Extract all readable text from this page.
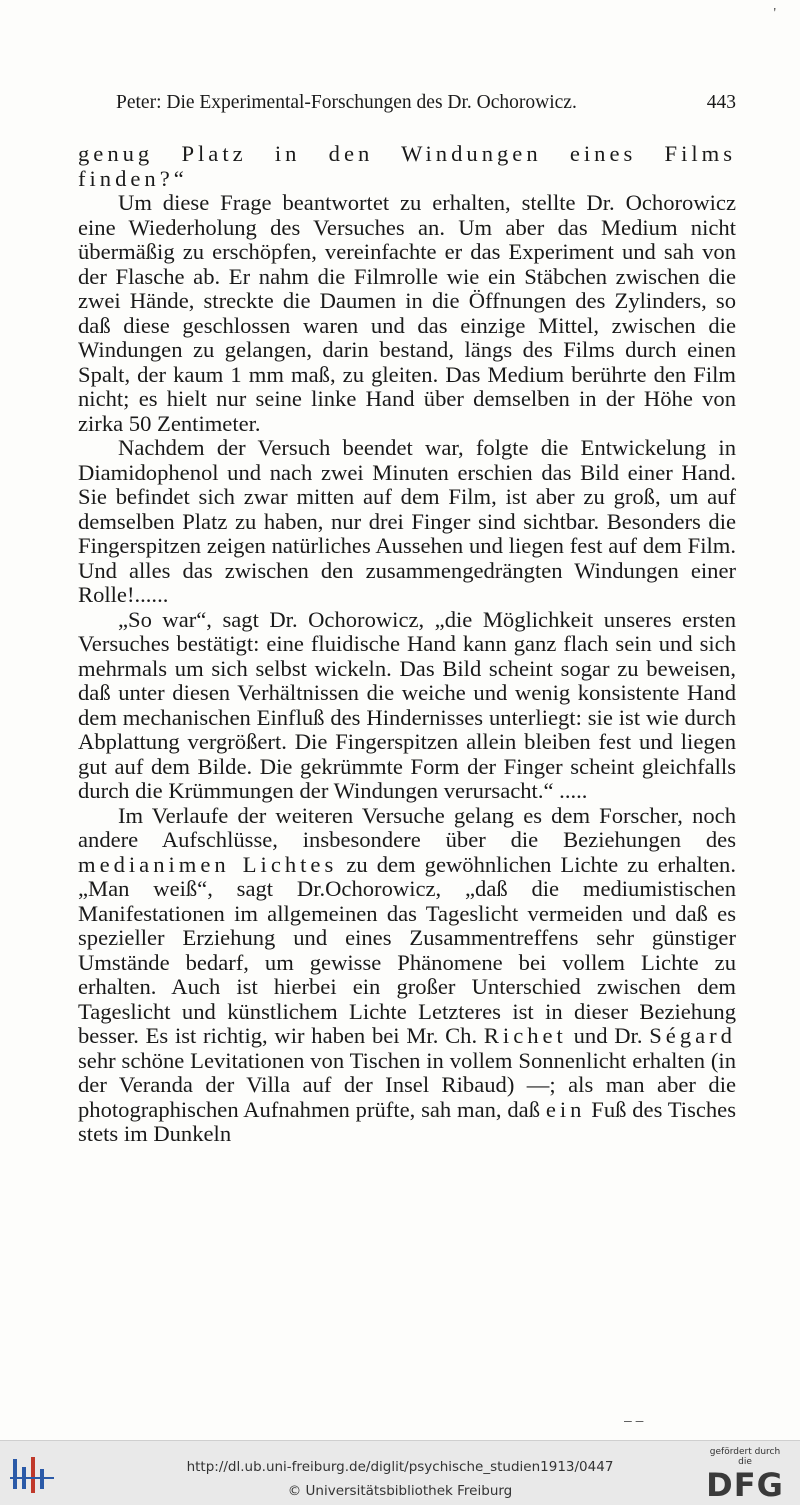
'
Peter: Die Experimental-Forschungen des Dr. Ochorowicz.	443

genug Platz in den Windungen eines Films finden?“

Um diese Frage beantwortet zu erhalten, stellte Dr. Ochorowicz eine Wiederholung des Versuches an. Um aber das Medium nicht übermäßig zu erschöpfen, vereinfachte er das Experiment und sah von der Flasche ab. Er nahm die Filmrolle wie ein Stäbchen zwischen die zwei Hände, streckte die Daumen in die Öffnungen des Zylinders, so daß diese geschlossen waren und das einzige Mittel, zwischen die Windungen zu gelangen, darin bestand, längs des Films durch einen Spalt, der kaum 1 mm maß, zu gleiten. Das Medium berührte den Film nicht; es hielt nur seine linke Hand über demselben in der Höhe von zirka 50 Zentimeter.

Nachdem der Versuch beendet war, folgte die Entwickelung in Diamidophenol und nach zwei Minuten erschien das Bild einer Hand. Sie befindet sich zwar mitten auf dem Film, ist aber zu groß, um auf demselben Platz zu haben, nur drei Finger sind sichtbar. Besonders die Fingerspitzen zeigen natürliches Aussehen und liegen fest auf dem Film. Und alles das zwischen den zusammengedrängten Windungen einer Rolle!......

„So war“, sagt Dr. Ochorowicz, „die Möglichkeit unseres ersten Versuches bestätigt: eine fluidische Hand kann ganz flach sein und sich mehrmals um sich selbst wickeln. Das Bild scheint sogar zu beweisen, daß unter diesen Verhältnissen die weiche und wenig konsistente Hand dem mechanischen Einfluß des Hindernisses unterliegt: sie ist wie durch Abplattung vergrößert. Die Fingerspitzen allein bleiben fest und liegen gut auf dem Bilde. Die gekrümmte Form der Finger scheint gleichfalls durch die Krümmungen der Windungen verursacht.“ .....

Im Verlaufe der weiteren Versuche gelang es dem Forscher, noch andere Aufschlüsse, insbesondere über die Beziehungen des medianimen Lichtes zu dem gewöhnlichen Lichte zu erhalten. „Man weiß“, sagt Dr.Ochorowicz, „daß die mediumistischen Manifestationen im allgemeinen das Tageslicht vermeiden und daß es spezieller Erziehung und eines Zusammentreffens sehr günstiger Umstände bedarf, um gewisse Phänomene bei vollem Lichte zu erhalten. Auch ist hierbei ein großer Unterschied zwischen dem Tageslicht und künstlichem Lichte Letzteres ist in dieser Beziehung besser. Es ist richtig, wir haben bei Mr. Ch. Richet und Dr. Ségard sehr schöne Levitationen von Tischen in vollem Sonnenlicht erhalten (in der Veranda der Villa auf der Insel Ribaud) —; als man aber die photographischen Aufnahmen prüfte, sah man, daß ein Fuß des Tisches stets im Dunkeln

– –
http://dl.ub.uni-freiburg.de/diglit/psychische_studien1913/0447
© Universitätsbibliothek Freiburg
gefördert durch die
DFG
